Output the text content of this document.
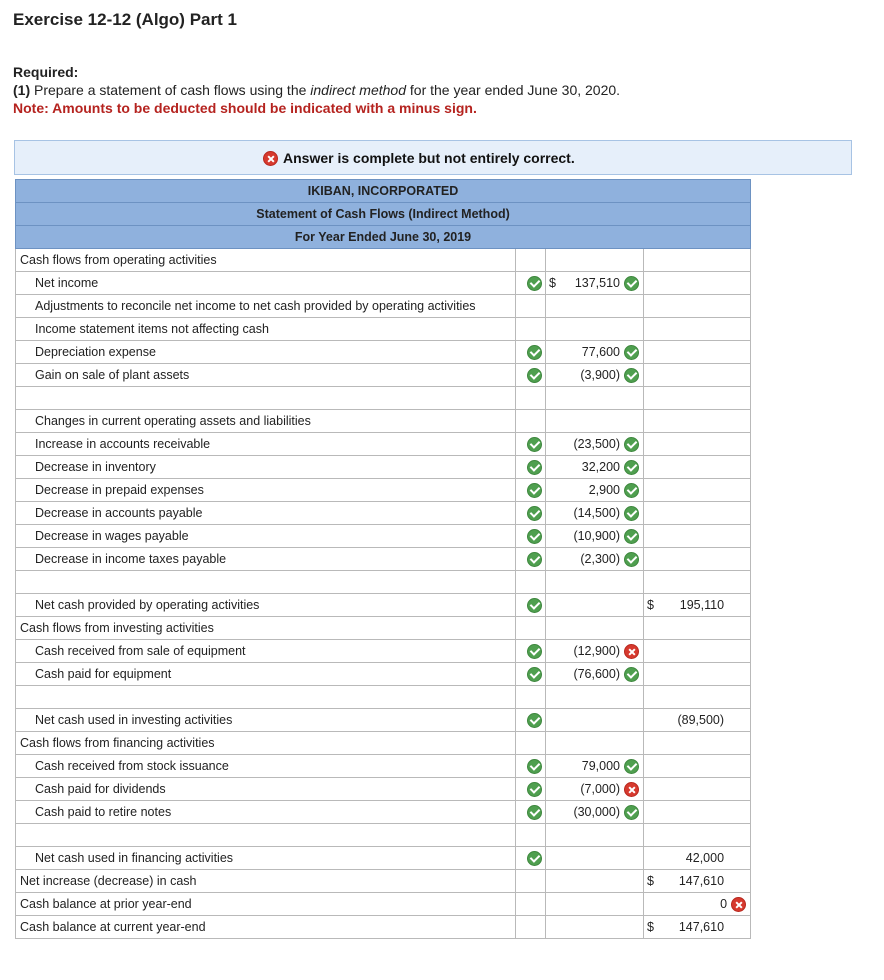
Exercise 12-12 (Algo) Part 1
Required:
(1) Prepare a statement of cash flows using the indirect method for the year ended June 30, 2020.
Note: Amounts to be deducted should be indicated with a minus sign.
Answer is complete but not entirely correct.
IKIBAN, INCORPORATED			
Statement of Cash Flows (Indirect Method)			
For Year Ended June 30, 2019			
Cash flows from operating activities		

Net income		$ 137,510	

Adjustments to reconcile net income to net cash provided by operating activities		

Income statement items not affecting cash		

Depreciation expense		77,600	

Gain on sale of plant assets		(3,900)	

Changes in current operating assets and liabilities		

Increase in accounts receivable		(23,500)	

Decrease in inventory		32,200	

Decrease in prepaid expenses		2,900	

Decrease in accounts payable		(14,500)	

Decrease in wages payable		(10,900)	

Decrease in income taxes payable		(2,300)	

Net cash provided by operating activities			$ 195,110

Cash flows from investing activities		

Cash received from sale of equipment		(12,900)	

Cash paid for equipment		(76,600)	

Net cash used in investing activities			(89,500)

Cash flows from financing activities		

Cash received from stock issuance		79,000	

Cash paid for dividends		(7,000)	

Cash paid to retire notes		(30,000)	

Net cash used in financing activities			42,000

Net increase (decrease) in cash			$ 147,610

Cash balance at prior year-end			0

Cash balance at current year-end			$ 147,610
